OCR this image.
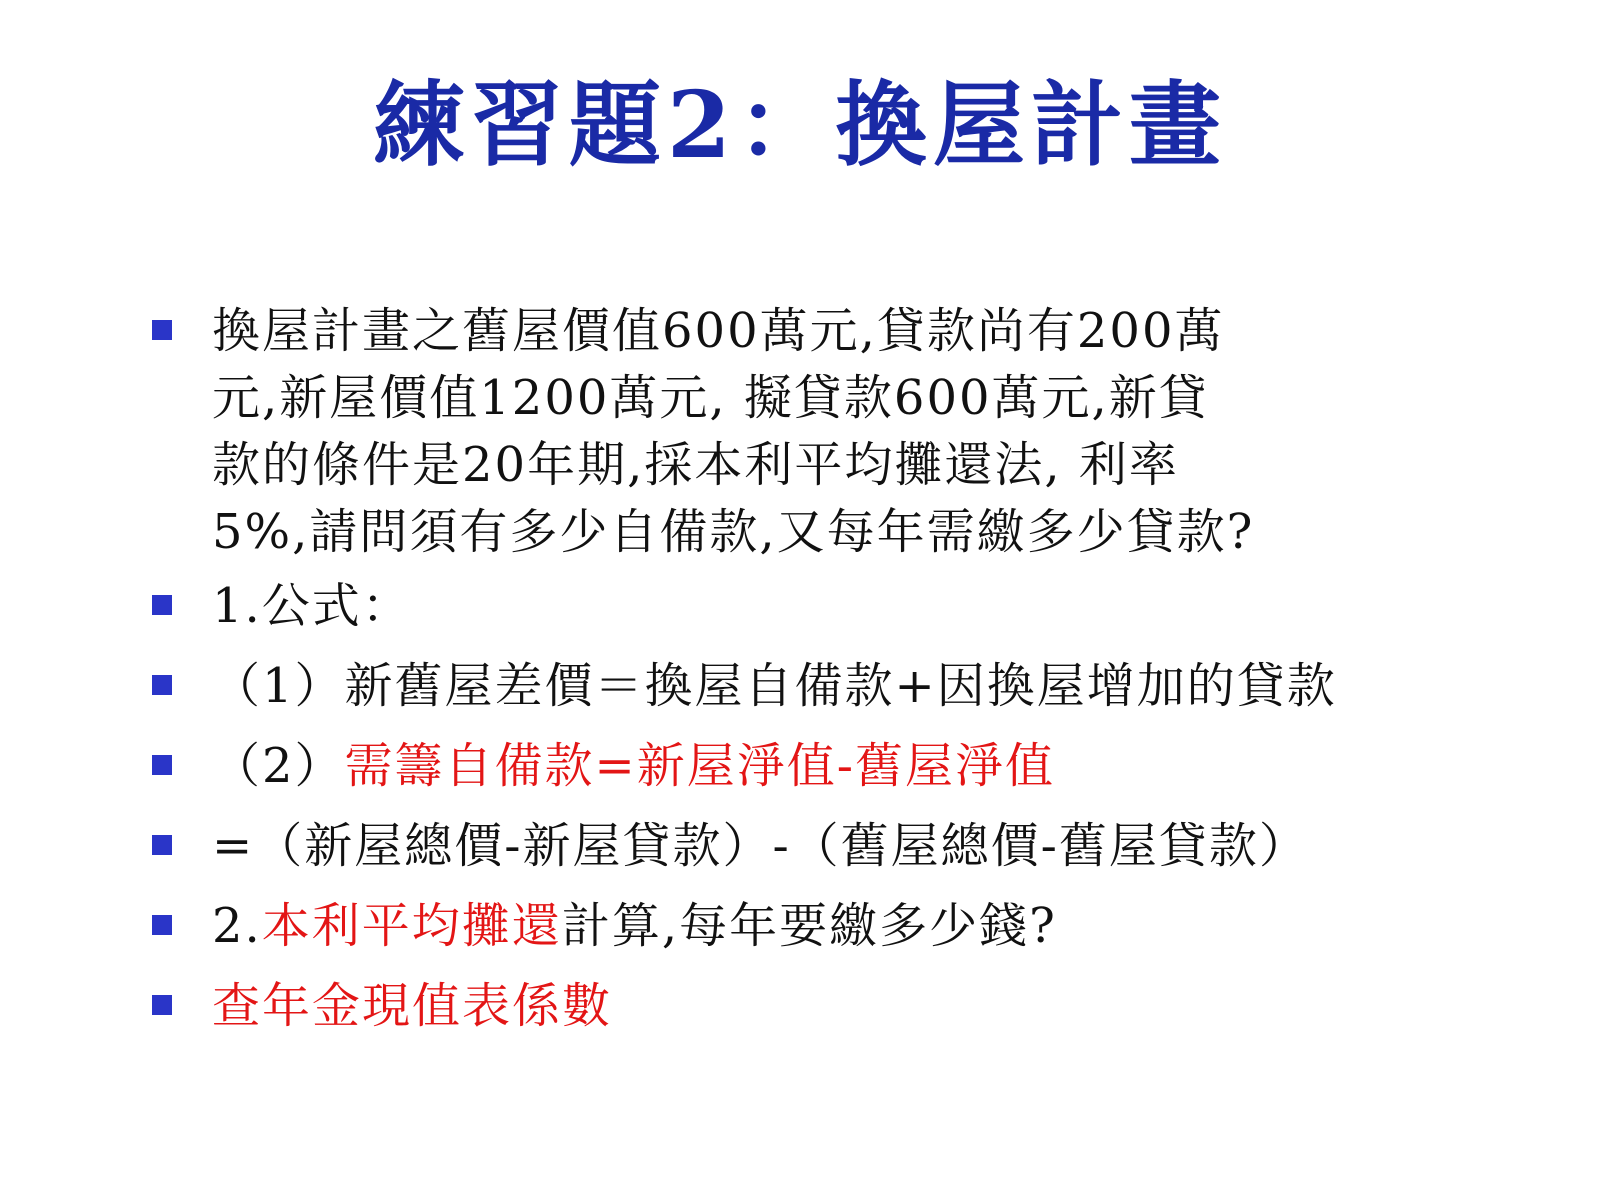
練習題2：換屋計畫
換屋計畫之舊屋價值600萬元,貸款尚有200萬
元,新屋價值1200萬元, 擬貸款600萬元,新貸
款的條件是20年期,採本利平均攤還法, 利率
5%,請問須有多少自備款,又每年需繳多少貸款?
1.公式：
（1）新舊屋差價＝換屋自備款+因換屋增加的貸款
（2）需籌自備款=新屋淨值-舊屋淨值
=（新屋總價-新屋貸款）-（舊屋總價-舊屋貸款）
2.本利平均攤還計算,每年要繳多少錢?
查年金現值表係數
